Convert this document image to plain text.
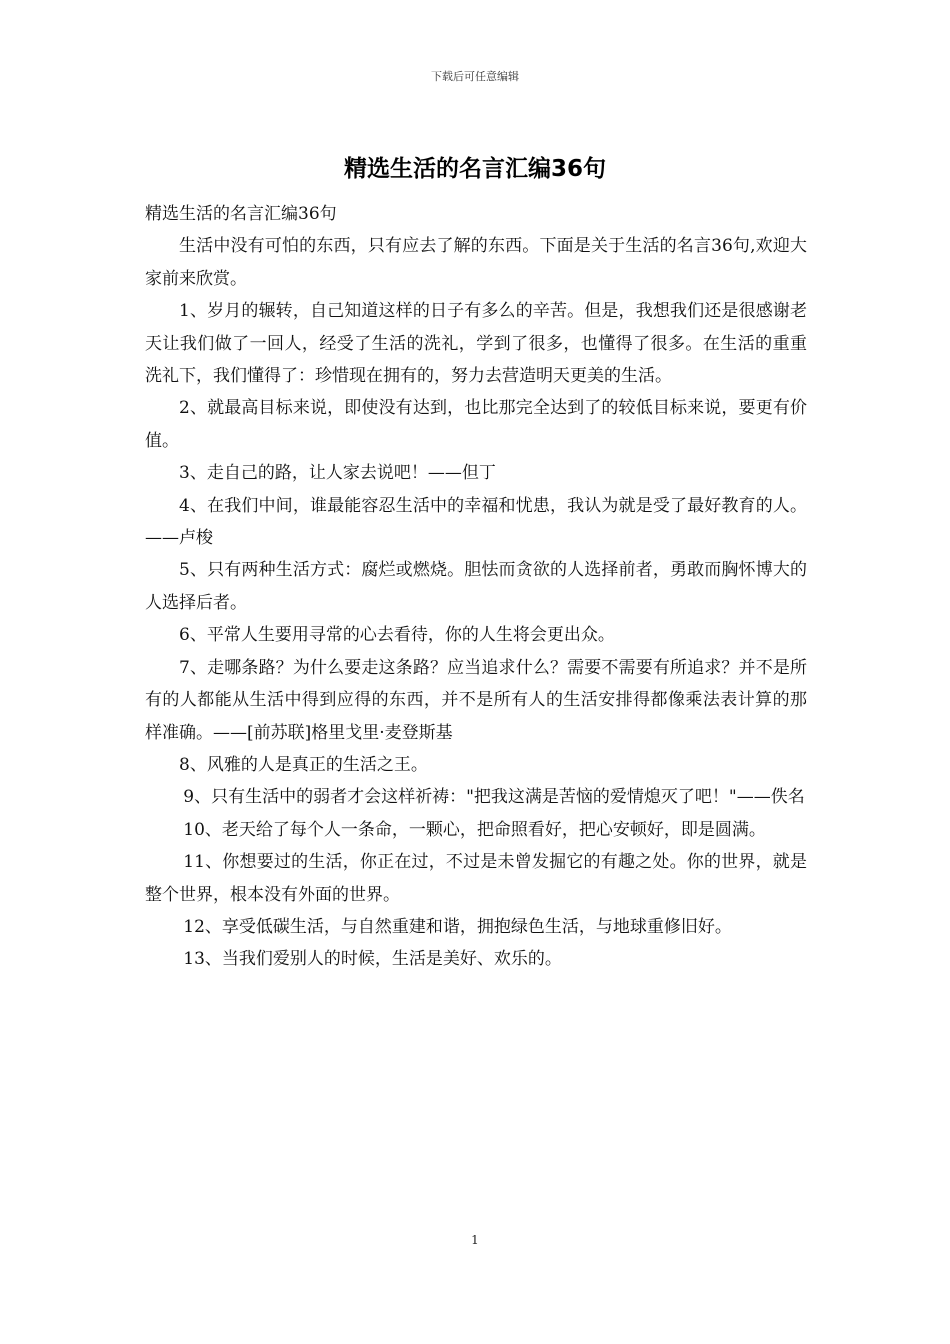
下载后可任意编辑
精选生活的名言汇编36句

精选生活的名言汇编36句

生活中没有可怕的东西，只有应去了解的东西。下面是关于生活的名言36句,欢迎大家前来欣赏。

1、岁月的辗转，自己知道这样的日子有多么的辛苦。但是，我想我们还是很感谢老天让我们做了一回人，经受了生活的洗礼，学到了很多，也懂得了很多。在生活的重重洗礼下，我们懂得了：珍惜现在拥有的，努力去营造明天更美的生活。

2、就最高目标来说，即使没有达到，也比那完全达到了的较低目标来说，要更有价值。

3、走自己的路，让人家去说吧！——但丁

4、在我们中间，谁最能容忍生活中的幸福和忧患，我认为就是受了最好教育的人。——卢梭

5、只有两种生活方式：腐烂或燃烧。胆怯而贪欲的人选择前者，勇敢而胸怀博大的人选择后者。

6、平常人生要用寻常的心去看待，你的人生将会更出众。

7、走哪条路？为什么要走这条路？应当追求什么？需要不需要有所追求？并不是所有的人都能从生活中得到应得的东西，并不是所有人的生活安排得都像乘法表计算的那样准确。——[前苏联]格里戈里·麦登斯基

8、风雅的人是真正的生活之王。

9、只有生活中的弱者才会这样祈祷："把我这满是苦恼的爱情熄灭了吧！"——佚名

10、老天给了每个人一条命，一颗心，把命照看好，把心安顿好，即是圆满。

11、你想要过的生活，你正在过，不过是未曾发掘它的有趣之处。你的世界，就是整个世界，根本没有外面的世界。

12、享受低碳生活，与自然重建和谐，拥抱绿色生活，与地球重修旧好。

13、当我们爱别人的时候，生活是美好、欢乐的。

1
